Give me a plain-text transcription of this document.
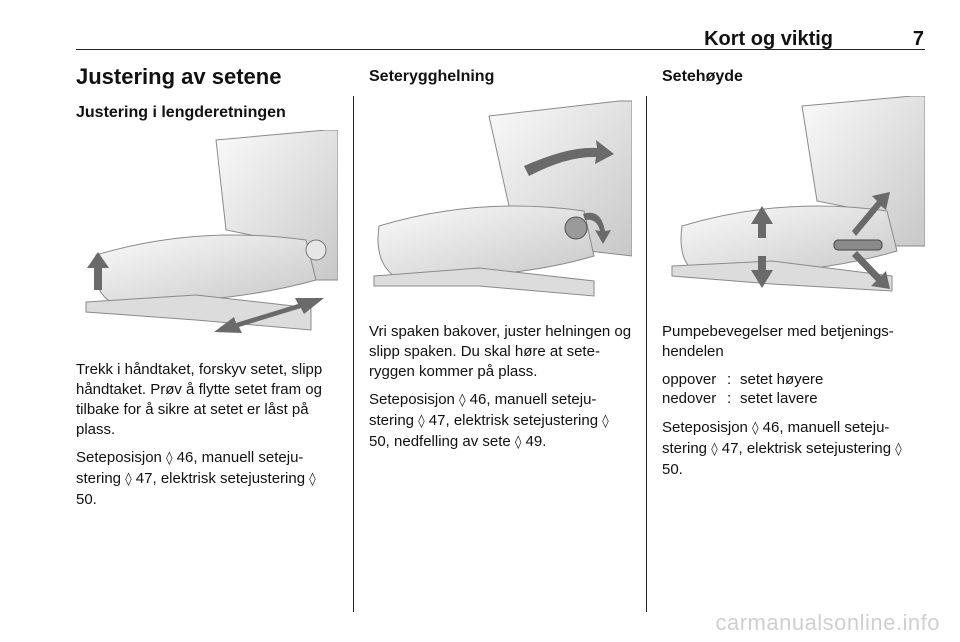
Kort og viktig	7
Justering av setene
Justering i lengderetningen

Trekk i håndtaket, forskyv setet, slipp håndtaket. Prøv å flytte setet fram og tilbake for å sikre at setet er låst på plass.

Seteposisjon ◊ 46, manuell seteju-stering ◊ 47, elektrisk setejustering ◊ 50.

Seterygghelning

Vri spaken bakover, juster helningen og slipp spaken. Du skal høre at sete-ryggen kommer på plass.

Seteposisjon ◊ 46, manuell seteju-stering ◊ 47, elektrisk setejustering ◊ 50, nedfelling av sete ◊ 49.

Setehøyde

Pumpebevegelser med betjenings-hendelen

oppover	:	setet høyere
nedover	:	setet lavere

Seteposisjon ◊ 46, manuell seteju-stering ◊ 47, elektrisk setejustering ◊ 50.

carmanualsonline.info
